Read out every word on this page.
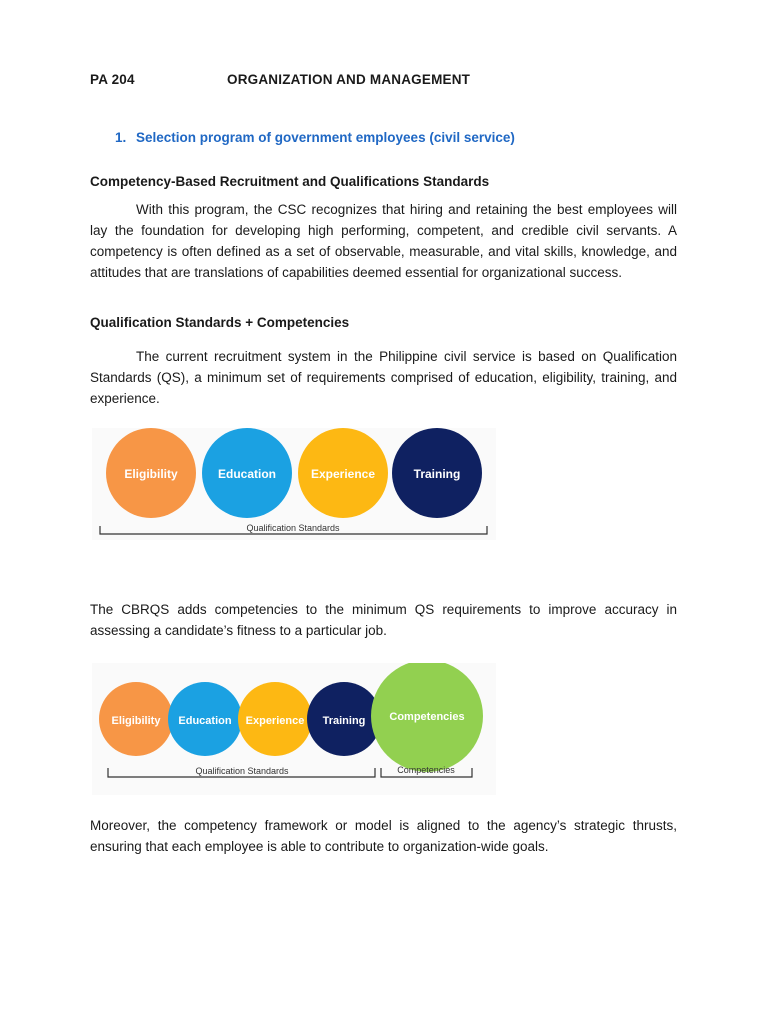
PA 204	ORGANIZATION AND MANAGEMENT
1. Selection program of government employees (civil service)
Competency-Based Recruitment and Qualifications Standards
With this program, the CSC recognizes that hiring and retaining the best employees will lay the foundation for developing high performing, competent, and credible civil servants. A competency is often defined as a set of observable, measurable, and vital skills, knowledge, and attitudes that are translations of capabilities deemed essential for organizational success.
Qualification Standards + Competencies
The current recruitment system in the Philippine civil service is based on Qualification Standards (QS), a minimum set of requirements comprised of education, eligibility, training, and experience.
Eligibility	Education	Experience	Training
Qualification Standards
The CBRQS adds competencies to the minimum QS requirements to improve accuracy in assessing a candidate’s fitness to a particular job.
Eligibility Education Experience Training Competencies
Qualification Standards	Competencies
Moreover, the competency framework or model is aligned to the agency’s strategic thrusts, ensuring that each employee is able to contribute to organization-wide goals.
